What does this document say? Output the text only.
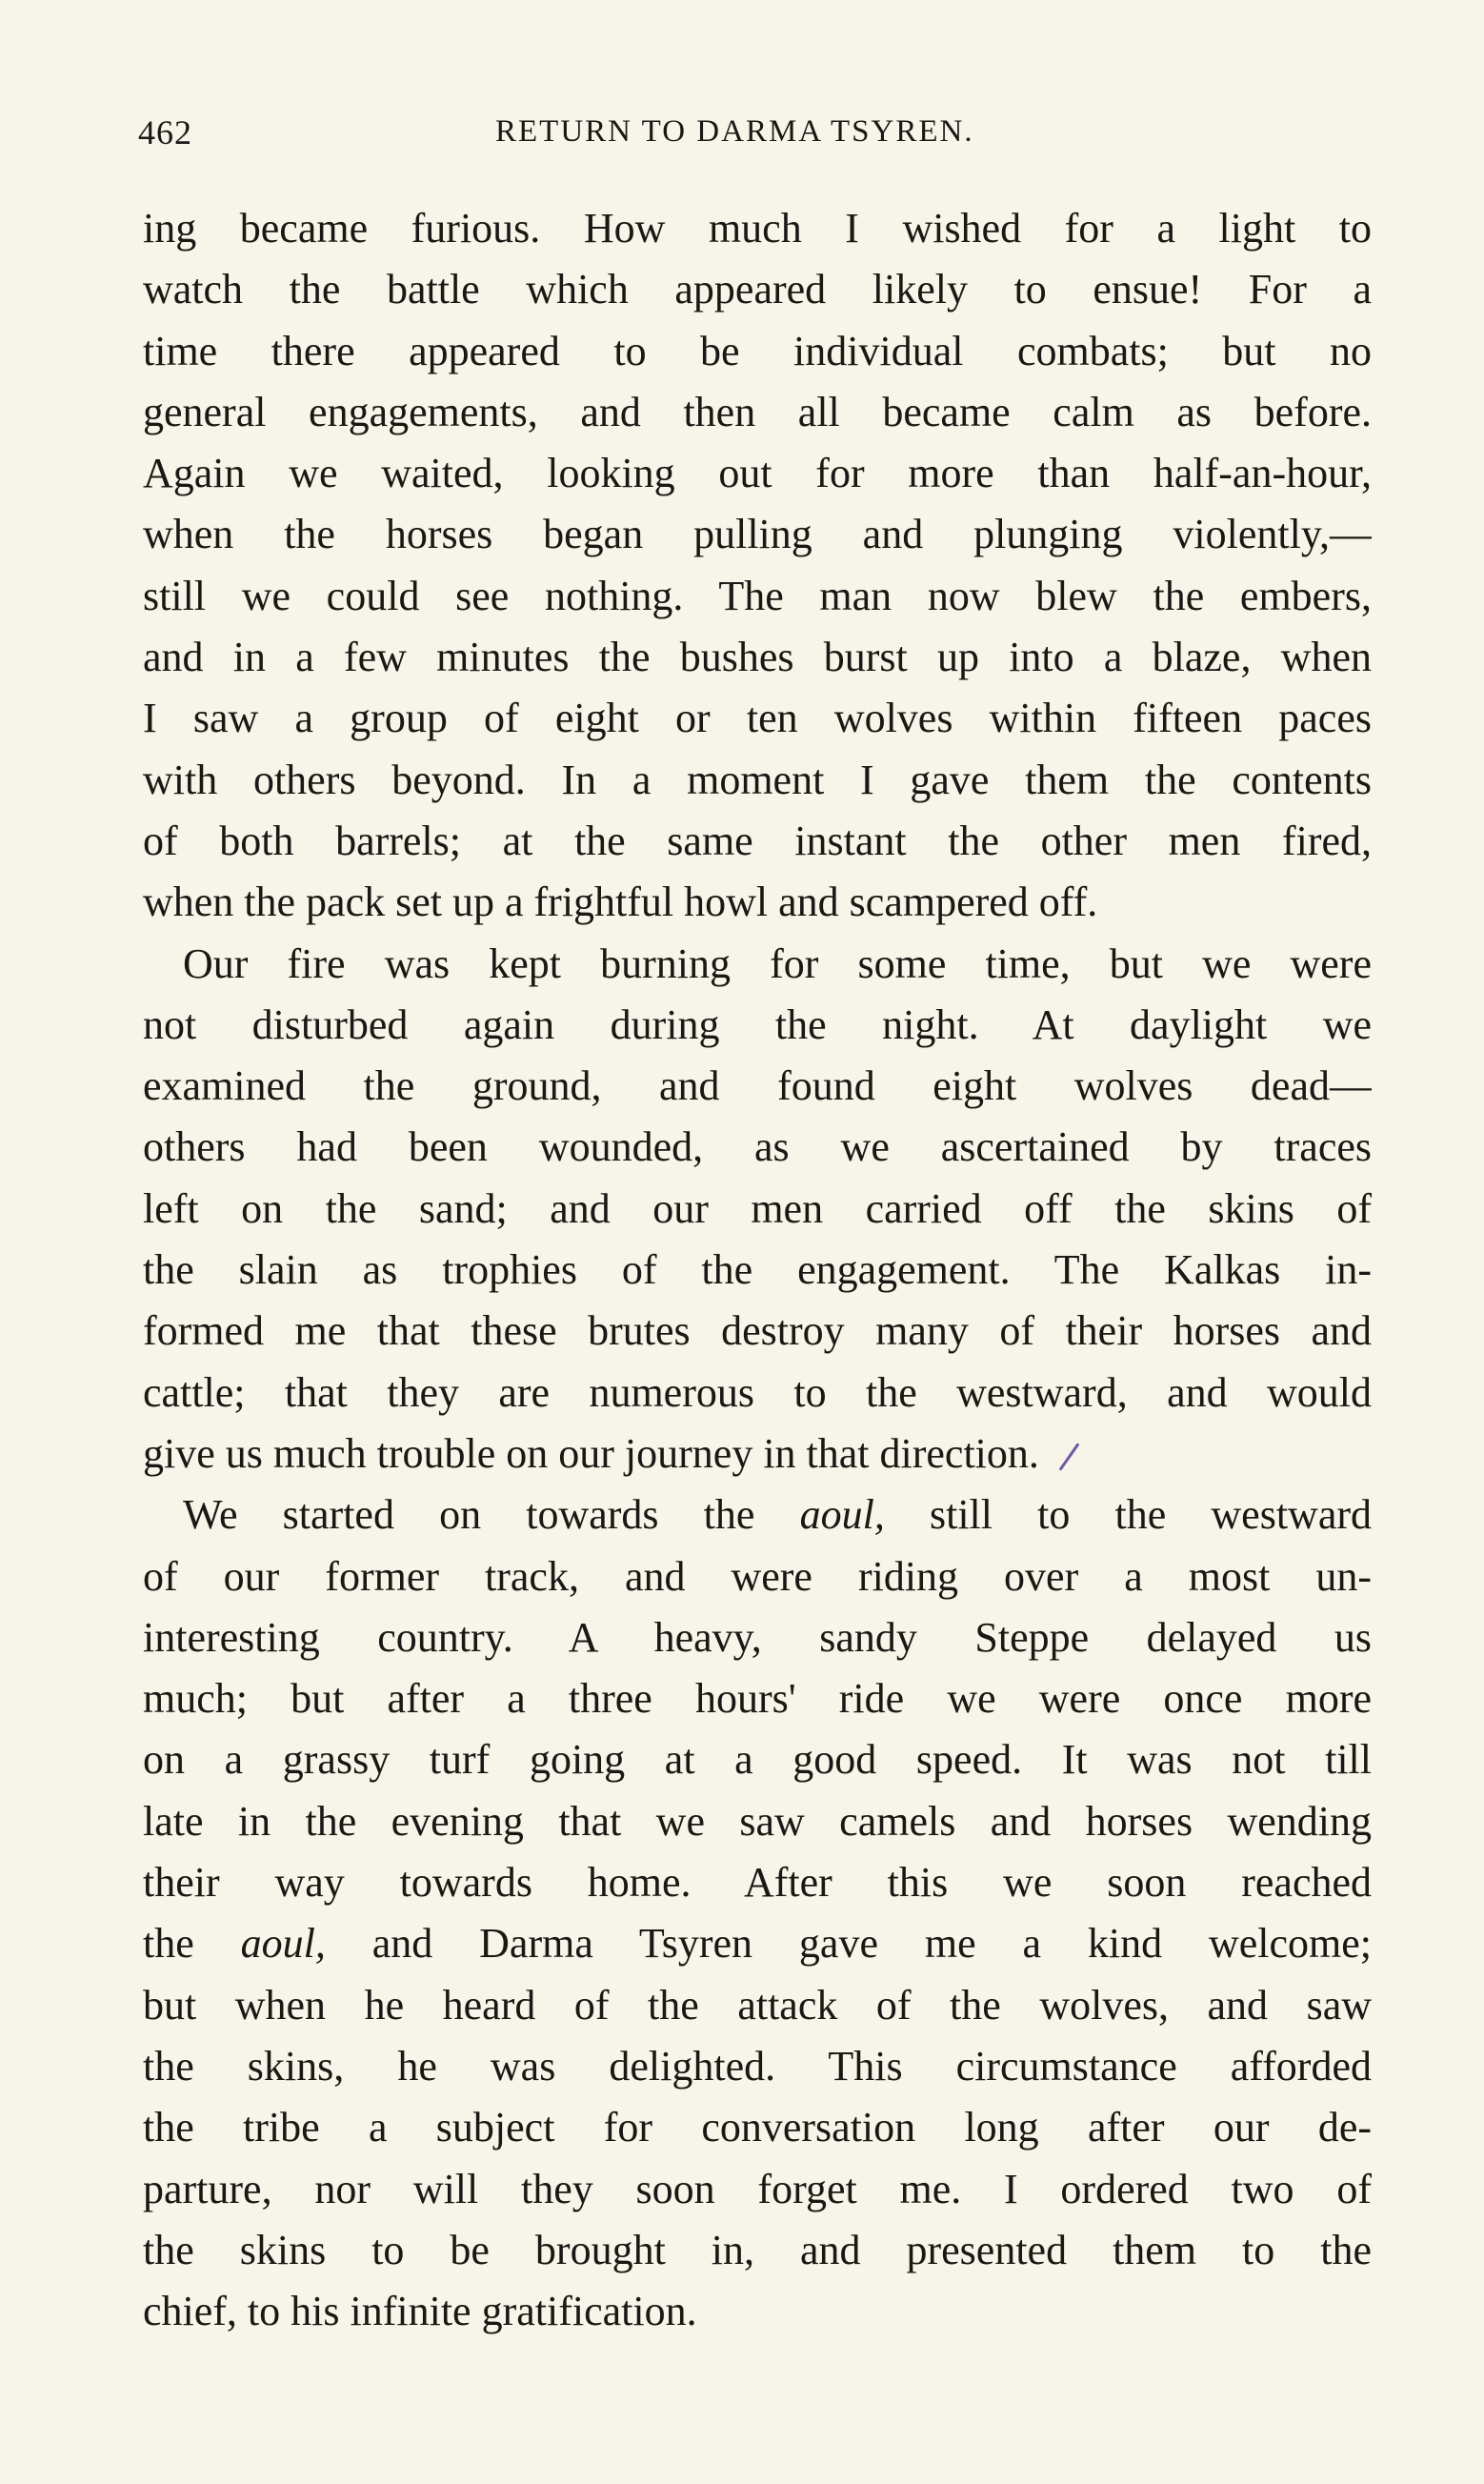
462	RETURN TO DARMA TSYREN.
ing became furious. How much I wished for a light to
watch the battle which appeared likely to ensue! For a
time there appeared to be individual combats; but no
general engagements, and then all became calm as before.
Again we waited, looking out for more than half-an-hour,
when the horses began pulling and plunging violently,—
still we could see nothing. The man now blew the embers,
and in a few minutes the bushes burst up into a blaze, when
I saw a group of eight or ten wolves within fifteen paces
with others beyond. In a moment I gave them the contents
of both barrels; at the same instant the other men fired,
when the pack set up a frightful howl and scampered off.
Our fire was kept burning for some time, but we were
not disturbed again during the night. At daylight we
examined the ground, and found eight wolves dead—
others had been wounded, as we ascertained by traces
left on the sand; and our men carried off the skins of
the slain as trophies of the engagement. The Kalkas in-
formed me that these brutes destroy many of their horses and
cattle; that they are numerous to the westward, and would
give us much trouble on our journey in that direction.
We started on towards the aoul, still to the westward
of our former track, and were riding over a most un-
interesting country. A heavy, sandy Steppe delayed us
much; but after a three hours' ride we were once more
on a grassy turf going at a good speed. It was not till
late in the evening that we saw camels and horses wending
their way towards home. After this we soon reached
the aoul, and Darma Tsyren gave me a kind welcome;
but when he heard of the attack of the wolves, and saw
the skins, he was delighted. This circumstance afforded
the tribe a subject for conversation long after our de-
parture, nor will they soon forget me. I ordered two of
the skins to be brought in, and presented them to the
chief, to his infinite gratification.
